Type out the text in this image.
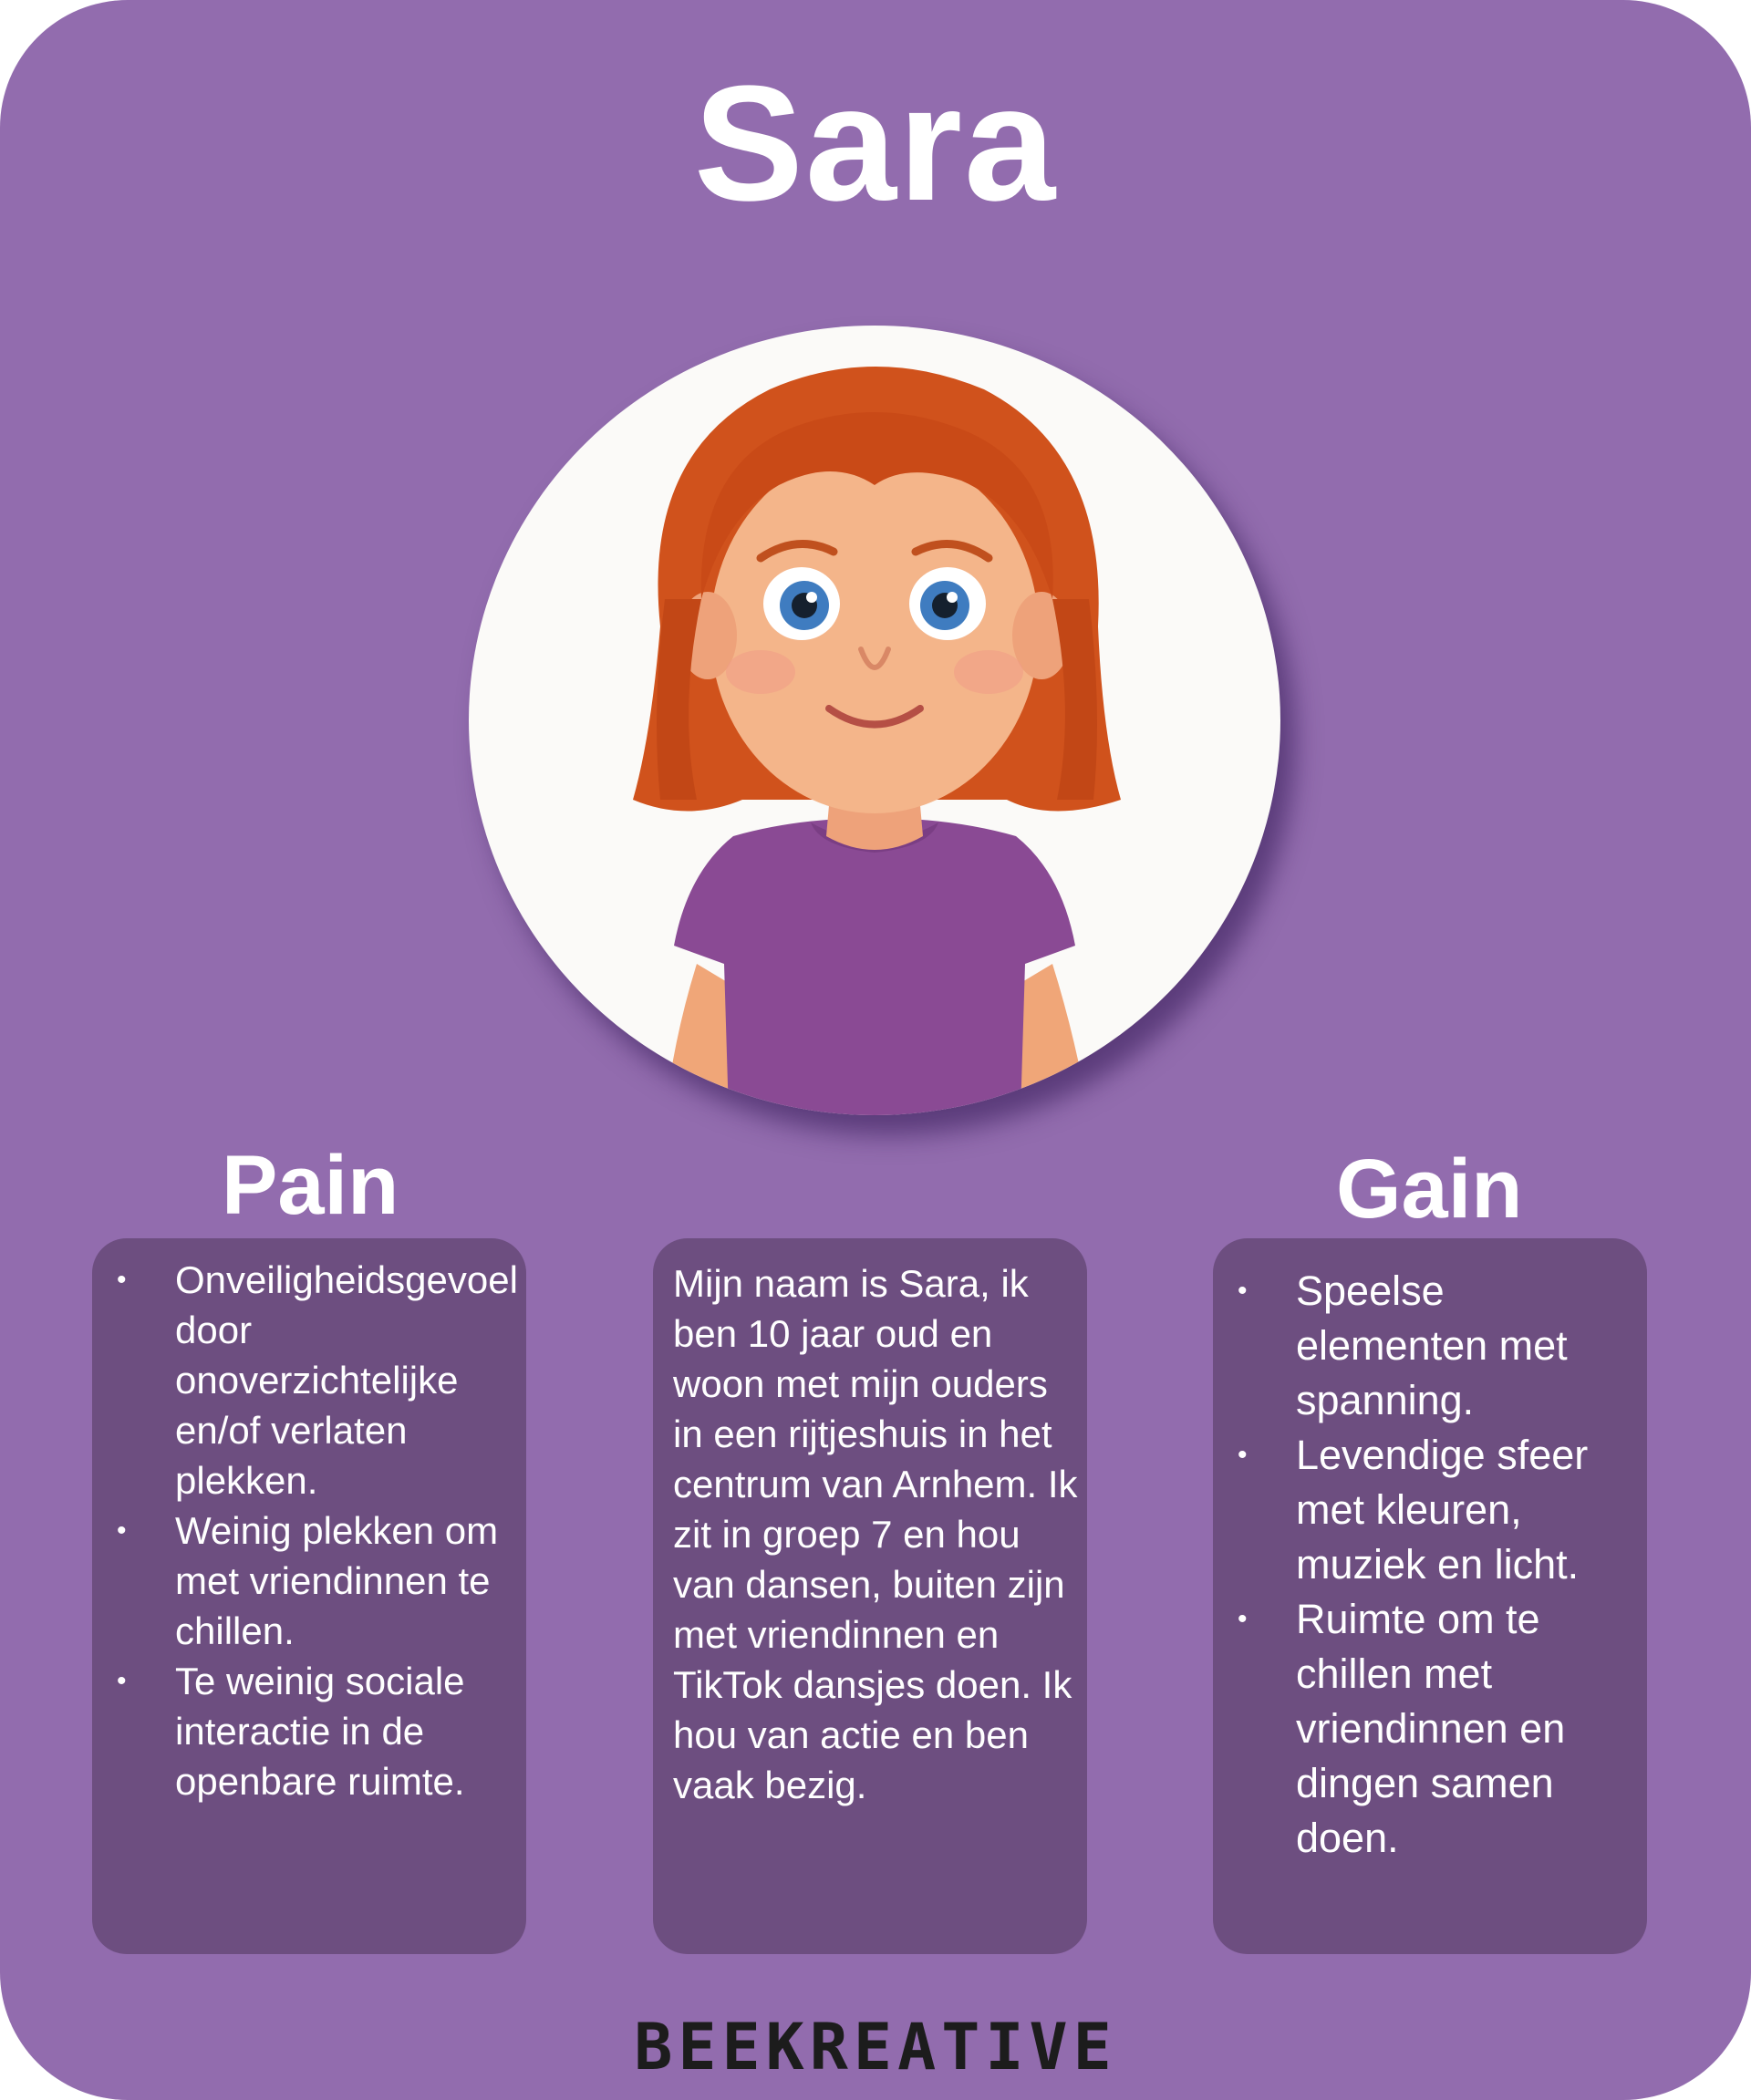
Sara
Pain	Gain
• Onveiligheidsgevoel door onoverzichtelijke en/of verlaten plekken.
• Weinig plekken om met vriendinnen te chillen.
• Te weinig sociale interactie in de openbare ruimte.
Mijn naam is Sara, ik ben 10 jaar oud en woon met mijn ouders in een rijtjeshuis in het centrum van Arnhem. Ik zit in groep 7 en hou van dansen, buiten zijn met vriendinnen en TikTok dansjes doen. Ik hou van actie en ben vaak bezig.
• Speelse elementen met spanning.
• Levendige sfeer met kleuren, muziek en licht.
• Ruimte om te chillen met vriendinnen en dingen samen doen.
BEEKREATIVE
